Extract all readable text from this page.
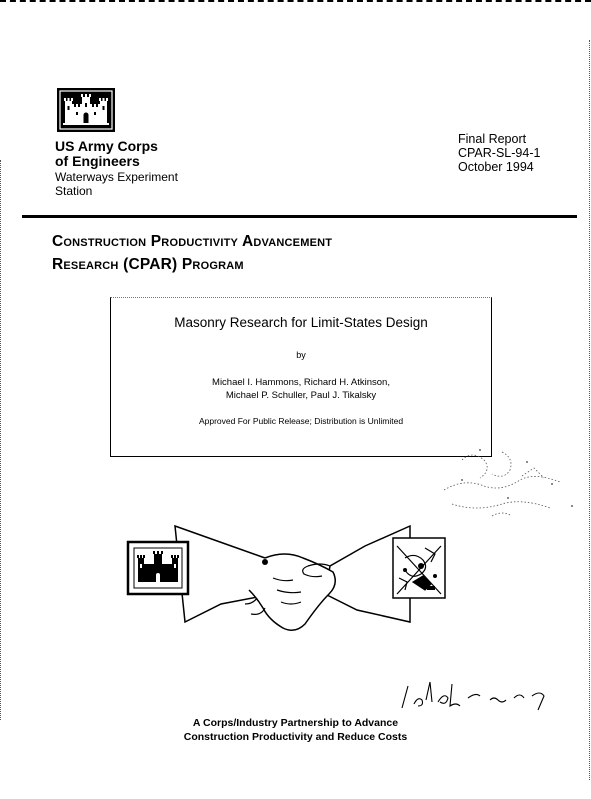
US Army Corps
of Engineers
Waterways Experiment
Station
Final Report
CPAR-SL-94-1
October 1994
Construction Productivity Advancement
Research (CPAR) Program
Masonry Research for Limit-States Design
by
Michael I. Hammons, Richard H. Atkinson,
Michael P. Schuller, Paul J. Tikalsky
Approved For Public Release; Distribution is Unlimited
A Corps/Industry Partnership to Advance
Construction Productivity and Reduce Costs
